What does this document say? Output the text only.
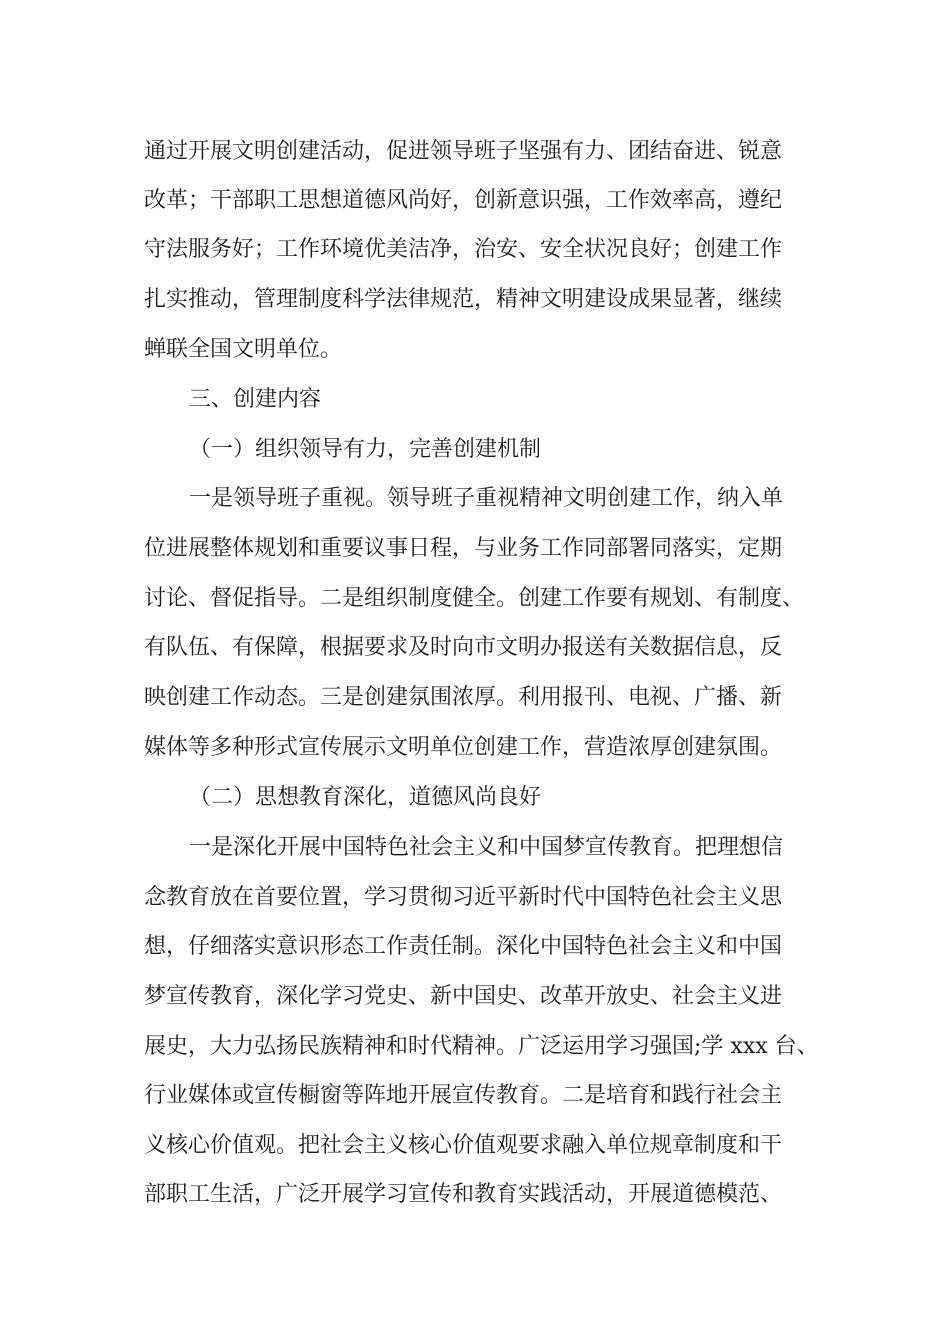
通过开展文明创建活动，促进领导班子坚强有力、团结奋进、锐意
改革；干部职工思想道德风尚好，创新意识强，工作效率高，遵纪
守法服务好；工作环境优美洁净，治安、安全状况良好；创建工作
扎实推动，管理制度科学法律规范，精神文明建设成果显著，继续
蝉联全国文明单位。
三、创建内容
（一）组织领导有力，完善创建机制
一是领导班子重视。领导班子重视精神文明创建工作，纳入单
位进展整体规划和重要议事日程，与业务工作同部署同落实，定期
讨论、督促指导。二是组织制度健全。创建工作要有规划、有制度、
有队伍、有保障，根据要求及时向市文明办报送有关数据信息，反
映创建工作动态。三是创建氛围浓厚。利用报刊、电视、广播、新
媒体等多种形式宣传展示文明单位创建工作，营造浓厚创建氛围。
（二）思想教育深化，道德风尚良好
一是深化开展中国特色社会主义和中国梦宣传教育。把理想信
念教育放在首要位置，学习贯彻习近平新时代中国特色社会主义思
想，仔细落实意识形态工作责任制。深化中国特色社会主义和中国
梦宣传教育，深化学习党史、新中国史、改革开放史、社会主义进
展史，大力弘扬民族精神和时代精神。广泛运用学习强国;学 xxx 台、
行业媒体或宣传橱窗等阵地开展宣传教育。二是培育和践行社会主
义核心价值观。把社会主义核心价值观要求融入单位规章制度和干
部职工生活，广泛开展学习宣传和教育实践活动，开展道德模范、
